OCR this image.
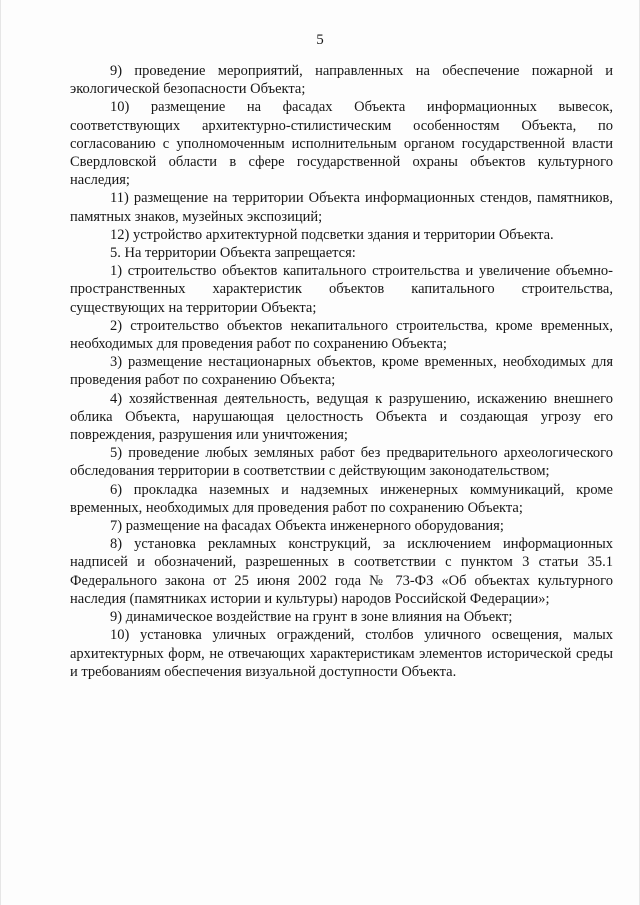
5

9) проведение мероприятий, направленных на обеспечение пожарной и экологической безопасности Объекта;

10) размещение на фасадах Объекта информационных вывесок, соответствующих архитектурно-стилистическим особенностям Объекта, по согласованию с уполномоченным исполнительным органом государственной власти Свердловской области в сфере государственной охраны объектов культурного наследия;

11) размещение на территории Объекта информационных стендов, памятников, памятных знаков, музейных экспозиций;

12) устройство архитектурной подсветки здания и территории Объекта.

5. На территории Объекта запрещается:

1) строительство объектов капитального строительства и увеличение объемно-пространственных характеристик объектов капитального строительства, существующих на территории Объекта;

2) строительство объектов некапитального строительства, кроме временных, необходимых для проведения работ по сохранению Объекта;

3) размещение нестационарных объектов, кроме временных, необходимых для проведения работ по сохранению Объекта;

4) хозяйственная деятельность, ведущая к разрушению, искажению внешнего облика Объекта, нарушающая целостность Объекта и создающая угрозу его повреждения, разрушения или уничтожения;

5) проведение любых земляных работ без предварительного археологического обследования территории в соответствии с действующим законодательством;

6) прокладка наземных и надземных инженерных коммуникаций, кроме временных, необходимых для проведения работ по сохранению Объекта;

7) размещение на фасадах Объекта инженерного оборудования;

8) установка рекламных конструкций, за исключением информационных надписей и обозначений, разрешенных в соответствии с пунктом 3 статьи 35.1 Федерального закона от 25 июня 2002 года № 73-ФЗ «Об объектах культурного наследия (памятниках истории и культуры) народов Российской Федерации»;

9) динамическое воздействие на грунт в зоне влияния на Объект;

10) установка уличных ограждений, столбов уличного освещения, малых архитектурных форм, не отвечающих характеристикам элементов исторической среды и требованиям обеспечения визуальной доступности Объекта.
